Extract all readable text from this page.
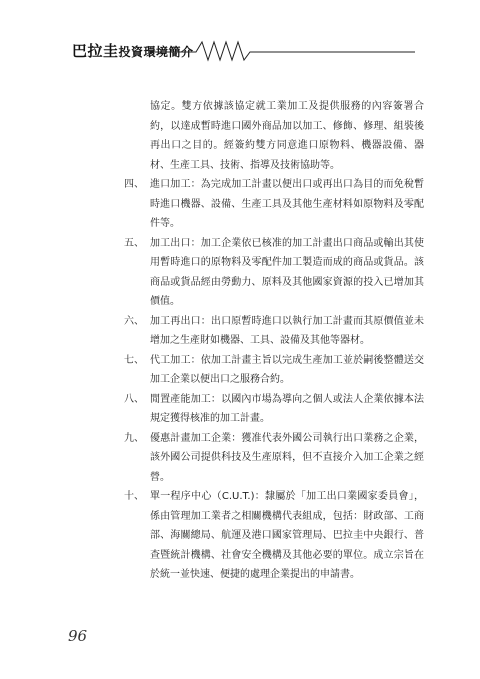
巴拉圭投資環境簡介
協定。雙方依據該協定就工業加工及提供服務的內容簽署合約，以達成暫時進口國外商品加以加工、修飾、修理、組裝後再出口之目的。經簽約雙方同意進口原物料、機器設備、器材、生產工具、技術、指導及技術協助等。
四、 進口加工：為完成加工計畫以便出口或再出口為目的而免稅暫時進口機器、設備、生產工具及其他生產材料如原物料及零配件等。
五、 加工出口：加工企業依已核准的加工計畫出口商品或輸出其使用暫時進口的原物料及零配件加工製造而成的商品或貨品。該商品或貨品經由勞動力、原料及其他國家資源的投入已增加其價值。
六、 加工再出口：出口原暫時進口以執行加工計畫而其原價值並未增加之生產財如機器、工具、設備及其他等器材。
七、 代工加工：依加工計畫主旨以完成生產加工並於嗣後整體送交加工企業以便出口之服務合約。
八、 閒置產能加工：以國內市場為導向之個人或法人企業依據本法規定獲得核准的加工計畫。
九、 優惠計畫加工企業：獲准代表外國公司執行出口業務之企業，該外國公司提供科技及生產原料，但不直接介入加工企業之經營。
十、 單一程序中心（C.U.T.)：隸屬於「加工出口業國家委員會」，係由管理加工業者之相關機構代表組成，包括：財政部、工商部、海關總局、航運及港口國家管理局、巴拉圭中央銀行、普查暨統計機構、社會安全機構及其他必要的單位。成立宗旨在於統一並快速、便捷的處理企業提出的申請書。
96
